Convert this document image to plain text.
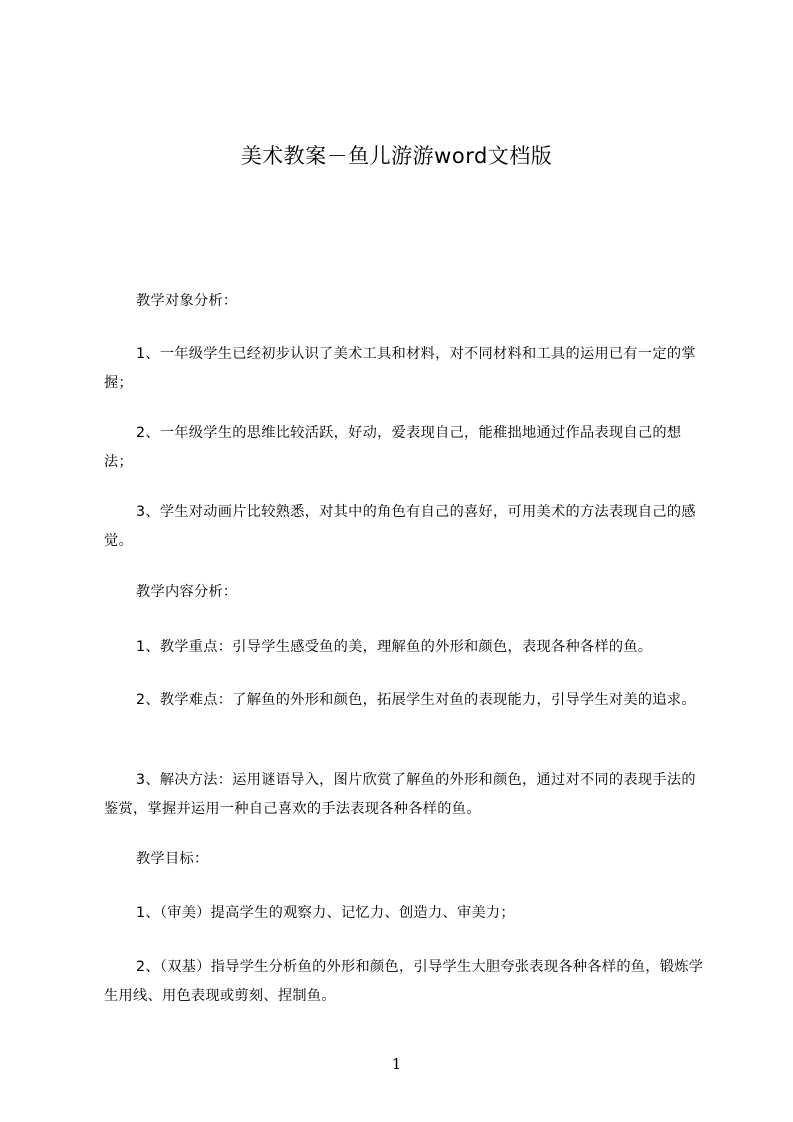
美术教案－鱼儿游游word文档版

教学对象分析：

1、一年级学生已经初步认识了美术工具和材料，对不同材料和工具的运用已有一定的掌握；

2、一年级学生的思维比较活跃，好动，爱表现自己，能稚拙地通过作品表现自己的想法；

3、学生对动画片比较熟悉，对其中的角色有自己的喜好，可用美术的方法表现自己的感觉。

教学内容分析：

1、教学重点：引导学生感受鱼的美，理解鱼的外形和颜色，表现各种各样的鱼。

2、教学难点：了解鱼的外形和颜色，拓展学生对鱼的表现能力，引导学生对美的追求。

3、解决方法：运用谜语导入，图片欣赏了解鱼的外形和颜色，通过对不同的表现手法的鉴赏，掌握并运用一种自己喜欢的手法表现各种各样的鱼。

教学目标：

1、（审美）提高学生的观察力、记忆力、创造力、审美力；

2、（双基）指导学生分析鱼的外形和颜色，引导学生大胆夸张表现各种各样的鱼，锻炼学生用线、用色表现或剪刻、捏制鱼。

1
